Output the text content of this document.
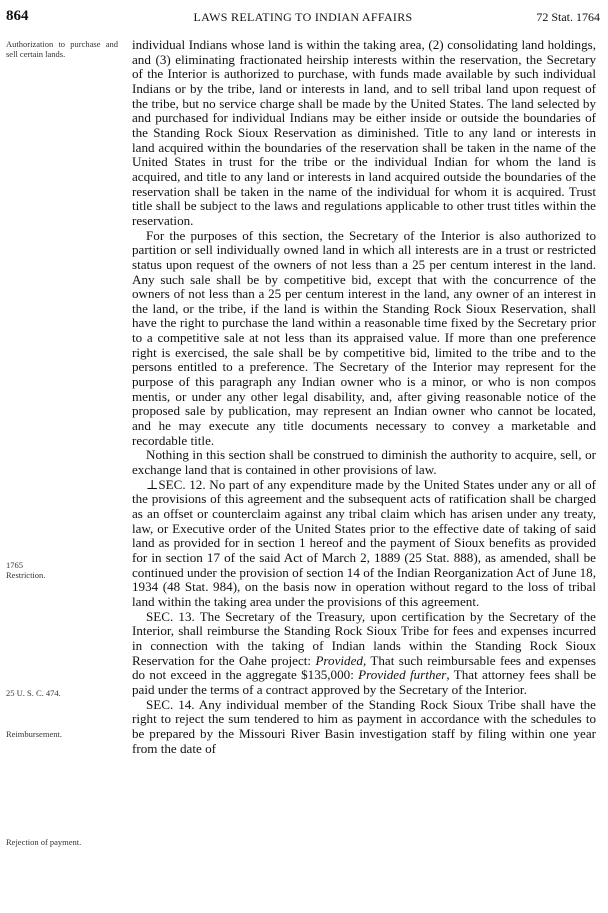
864	LAWS RELATING TO INDIAN AFFAIRS	72 Stat. 1764
Authorization to purchase and sell certain lands.
1765
Restriction.
25 U. S. C. 474.
Reimbursement.
Rejection of payment.

individual Indians whose land is within the taking area, (2) consolidating land holdings, and (3) eliminating fractionated heirship interests within the reservation, the Secretary of the Interior is authorized to purchase, with funds made available by such individual Indians or by the tribe, land or interests in land, and to sell tribal land upon request of the tribe, but no service charge shall be made by the United States. The land selected by and purchased for individual Indians may be either inside or outside the boundaries of the Standing Rock Sioux Reservation as diminished. Title to any land or interests in land acquired within the boundaries of the reservation shall be taken in the name of the United States in trust for the tribe or the individual Indian for whom the land is acquired, and title to any land or interests in land acquired outside the boundaries of the reservation shall be taken in the name of the individual for whom it is acquired. Trust title shall be subject to the laws and regulations applicable to other trust titles within the reservation.

For the purposes of this section, the Secretary of the Interior is also authorized to partition or sell individually owned land in which all interests are in a trust or restricted status upon request of the owners of not less than a 25 per centum interest in the land. Any such sale shall be by competitive bid, except that with the concurrence of the owners of not less than a 25 per centum interest in the land, any owner of an interest in the land, or the tribe, if the land is within the Standing Rock Sioux Reservation, shall have the right to purchase the land within a reasonable time fixed by the Secretary prior to a competitive sale at not less than its appraised value. If more than one preference right is exercised, the sale shall be by competitive bid, limited to the tribe and to the persons entitled to a preference. The Secretary of the Interior may represent for the purpose of this paragraph any Indian owner who is a minor, or who is non compos mentis, or under any other legal disability, and, after giving reasonable notice of the proposed sale by publication, may represent an Indian owner who cannot be located, and he may execute any title documents necessary to convey a marketable and recordable title.

Nothing in this section shall be construed to diminish the authority to acquire, sell, or exchange land that is contained in other provisions of law.

⊥SEC. 12. No part of any expenditure made by the United States under any or all of the provisions of this agreement and the subsequent acts of ratification shall be charged as an offset or counterclaim against any tribal claim which has arisen under any treaty, law, or Executive order of the United States prior to the effective date of taking of said land as provided for in section 1 hereof and the payment of Sioux benefits as provided for in section 17 of the said Act of March 2, 1889 (25 Stat. 888), as amended, shall be continued under the provision of section 14 of the Indian Reorganization Act of June 18, 1934 (48 Stat. 984), on the basis now in operation without regard to the loss of tribal land within the taking area under the provisions of this agreement.

SEC. 13. The Secretary of the Treasury, upon certification by the Secretary of the Interior, shall reimburse the Standing Rock Sioux Tribe for fees and expenses incurred in connection with the taking of Indian lands within the Standing Rock Sioux Reservation for the Oahe project: Provided, That such reimbursable fees and expenses do not exceed in the aggregate $135,000: Provided further, That attorney fees shall be paid under the terms of a contract approved by the Secretary of the Interior.

SEC. 14. Any individual member of the Standing Rock Sioux Tribe shall have the right to reject the sum tendered to him as payment in accordance with the schedules to be prepared by the Missouri River Basin investigation staff by filing within one year from the date of
